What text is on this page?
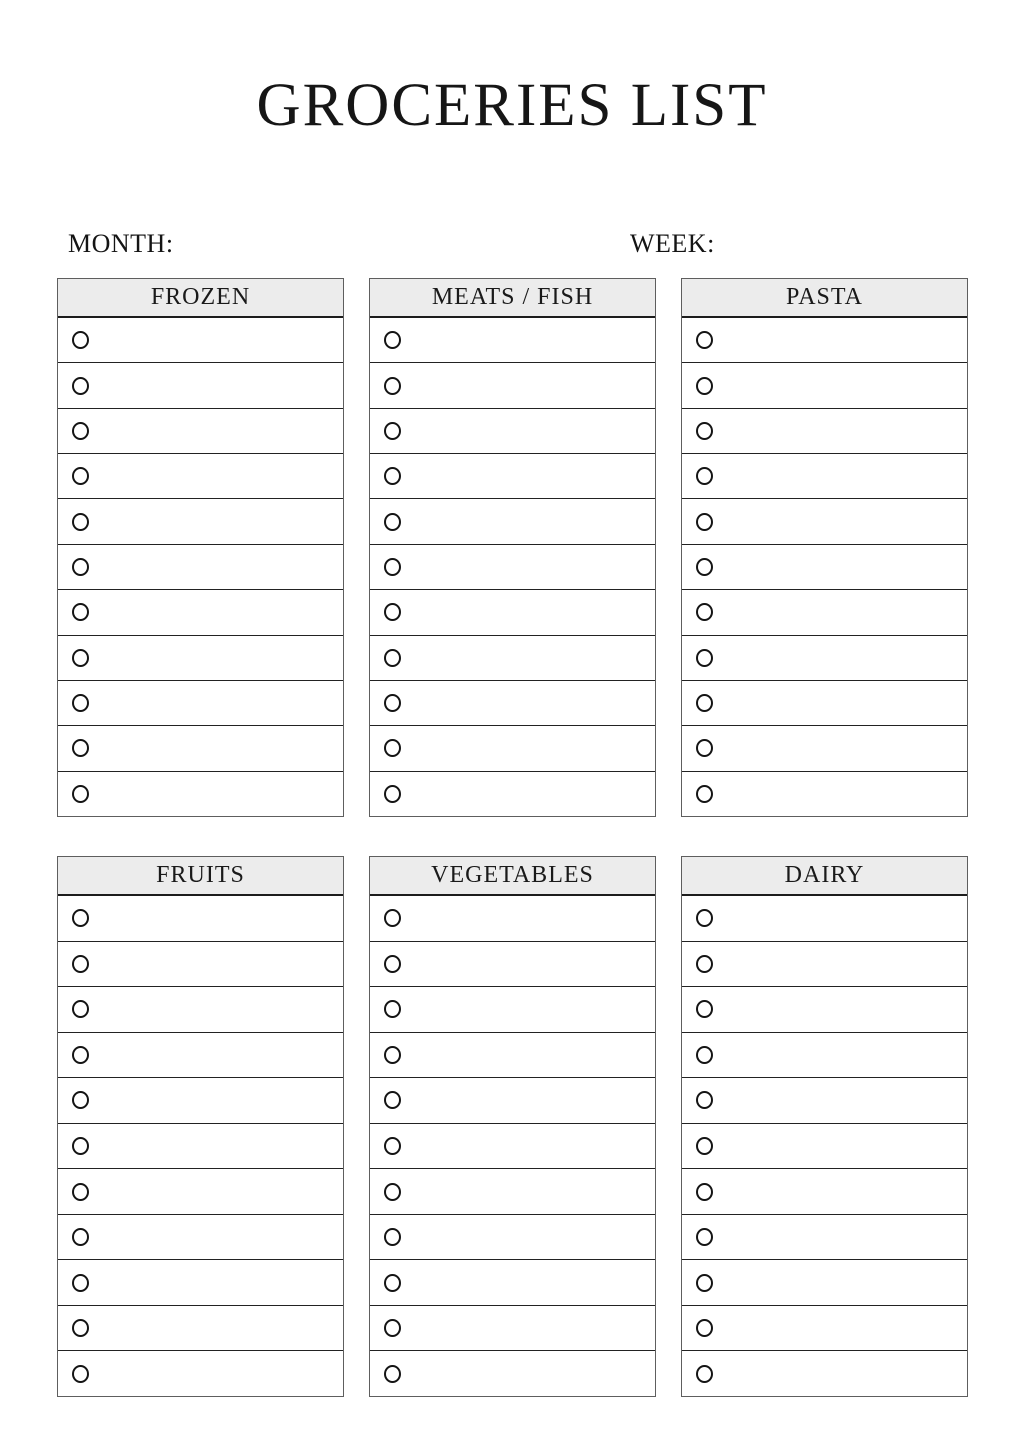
GROCERIES LIST
MONTH:	WEEK:
FROZEN	MEATS / FISH	PASTA
FRUITS	VEGETABLES	DAIRY
